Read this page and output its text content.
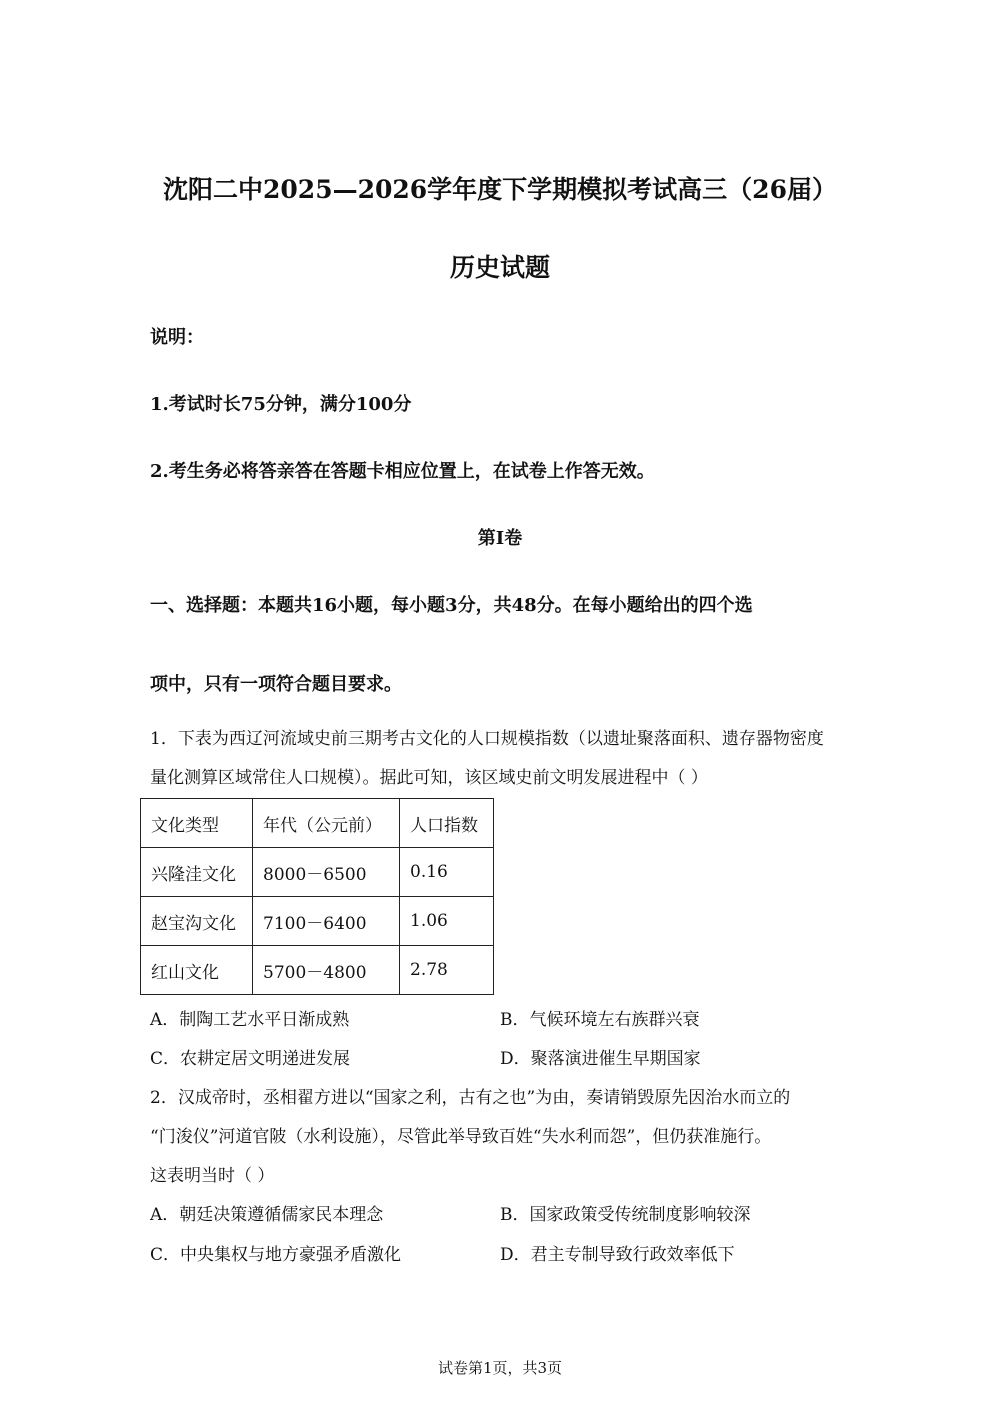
沈阳二中2025—2026学年度下学期模拟考试高三（26届）
历史试题
说明：
1.考试时长75分钟，满分100分
2.考生务必将答亲答在答题卡相应位置上，在试卷上作答无效。
第I卷
一、选择题：本题共16小题，每小题3分，共48分。在每小题给出的四个选
项中，只有一项符合题目要求。
1．下表为西辽河流域史前三期考古文化的人口规模指数（以遗址聚落面积、遗存器物密度
量化测算区域常住人口规模）。据此可知，该区域史前文明发展进程中（ ）
文化类型	年代（公元前）	人口指数
兴隆洼文化	8000－6500	0.16
赵宝沟文化	7100－6400	1.06
红山文化	5700－4800	2.78
A．制陶工艺水平日渐成熟	B．气候环境左右族群兴衰
C．农耕定居文明递进发展	D．聚落演进催生早期国家
2．汉成帝时，丞相翟方进以“国家之利，古有之也”为由，奏请销毁原先因治水而立的
“门浚仪”河道官陂（水利设施），尽管此举导致百姓“失水利而怨”，但仍获准施行。
这表明当时（ ）
A．朝廷决策遵循儒家民本理念	B．国家政策受传统制度影响较深
C．中央集权与地方豪强矛盾激化	D．君主专制导致行政效率低下
试卷第1页，共3页
